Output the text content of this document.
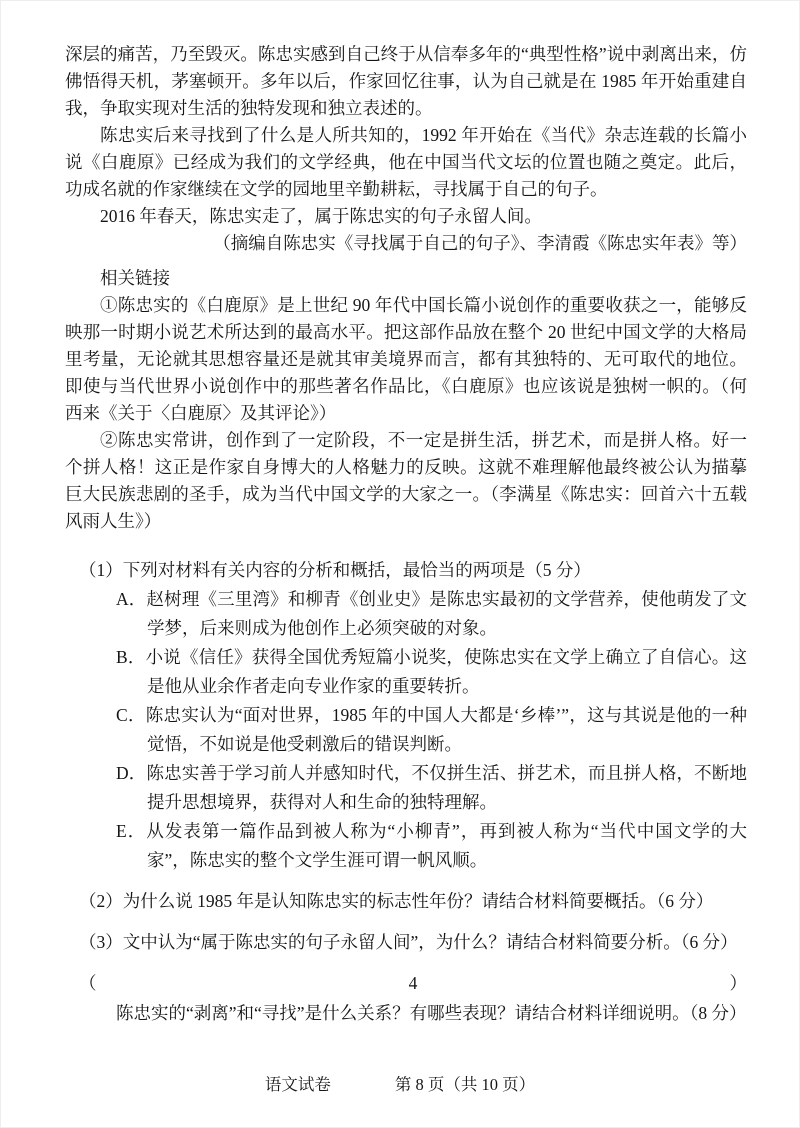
深层的痛苦，乃至毁灭。陈忠实感到自己终于从信奉多年的“典型性格”说中剥离出来，仿佛悟得天机，茅塞顿开。多年以后，作家回忆往事，认为自己就是在 1985 年开始重建自我，争取实现对生活的独特发现和独立表述的。

陈忠实后来寻找到了什么是人所共知的，1992 年开始在《当代》杂志连载的长篇小说《白鹿原》已经成为我们的文学经典，他在中国当代文坛的位置也随之奠定。此后，功成名就的作家继续在文学的园地里辛勤耕耘，寻找属于自己的句子。

2016 年春天，陈忠实走了，属于陈忠实的句子永留人间。

（摘编自陈忠实《寻找属于自己的句子》、李清霞《陈忠实年表》等）

相关链接

①陈忠实的《白鹿原》是上世纪 90 年代中国长篇小说创作的重要收获之一，能够反映那一时期小说艺术所达到的最高水平。把这部作品放在整个 20 世纪中国文学的大格局里考量，无论就其思想容量还是就其审美境界而言，都有其独特的、无可取代的地位。即使与当代世界小说创作中的那些著名作品比，《白鹿原》也应该说是独树一帜的。（何西来《关于〈白鹿原〉及其评论》）

②陈忠实常讲，创作到了一定阶段，不一定是拼生活，拼艺术，而是拼人格。好一个拼人格！这正是作家自身博大的人格魅力的反映。这就不难理解他最终被公认为描摹巨大民族悲剧的圣手，成为当代中国文学的大家之一。（李满星《陈忠实：回首六十五载风雨人生》）

（1）下列对材料有关内容的分析和概括，最恰当的两项是（5 分）

A．赵树理《三里湾》和柳青《创业史》是陈忠实最初的文学营养，使他萌发了文学梦，后来则成为他创作上必须突破的对象。
B．小说《信任》获得全国优秀短篇小说奖，使陈忠实在文学上确立了自信心。这是他从业余作者走向专业作家的重要转折。
C．陈忠实认为“面对世界，1985 年的中国人大都是‘乡棒’”，这与其说是他的一种觉悟，不如说是他受刺激后的错误判断。
D．陈忠实善于学习前人并感知时代，不仅拼生活、拼艺术，而且拼人格，不断地提升思想境界，获得对人和生命的独特理解。
E．从发表第一篇作品到被人称为“小柳青”，再到被人称为“当代中国文学的大家”，陈忠实的整个文学生涯可谓一帆风顺。

（2）为什么说 1985 年是认知陈忠实的标志性年份？请结合材料简要概括。（6 分）

（3）文中认为“属于陈忠实的句子永留人间”，为什么？请结合材料简要分析。（6 分）

（4）陈忠实的“剥离”和“寻找”是什么关系？有哪些表现？请结合材料详细说明。（8 分）

语文试卷	第 8 页（共 10 页）
